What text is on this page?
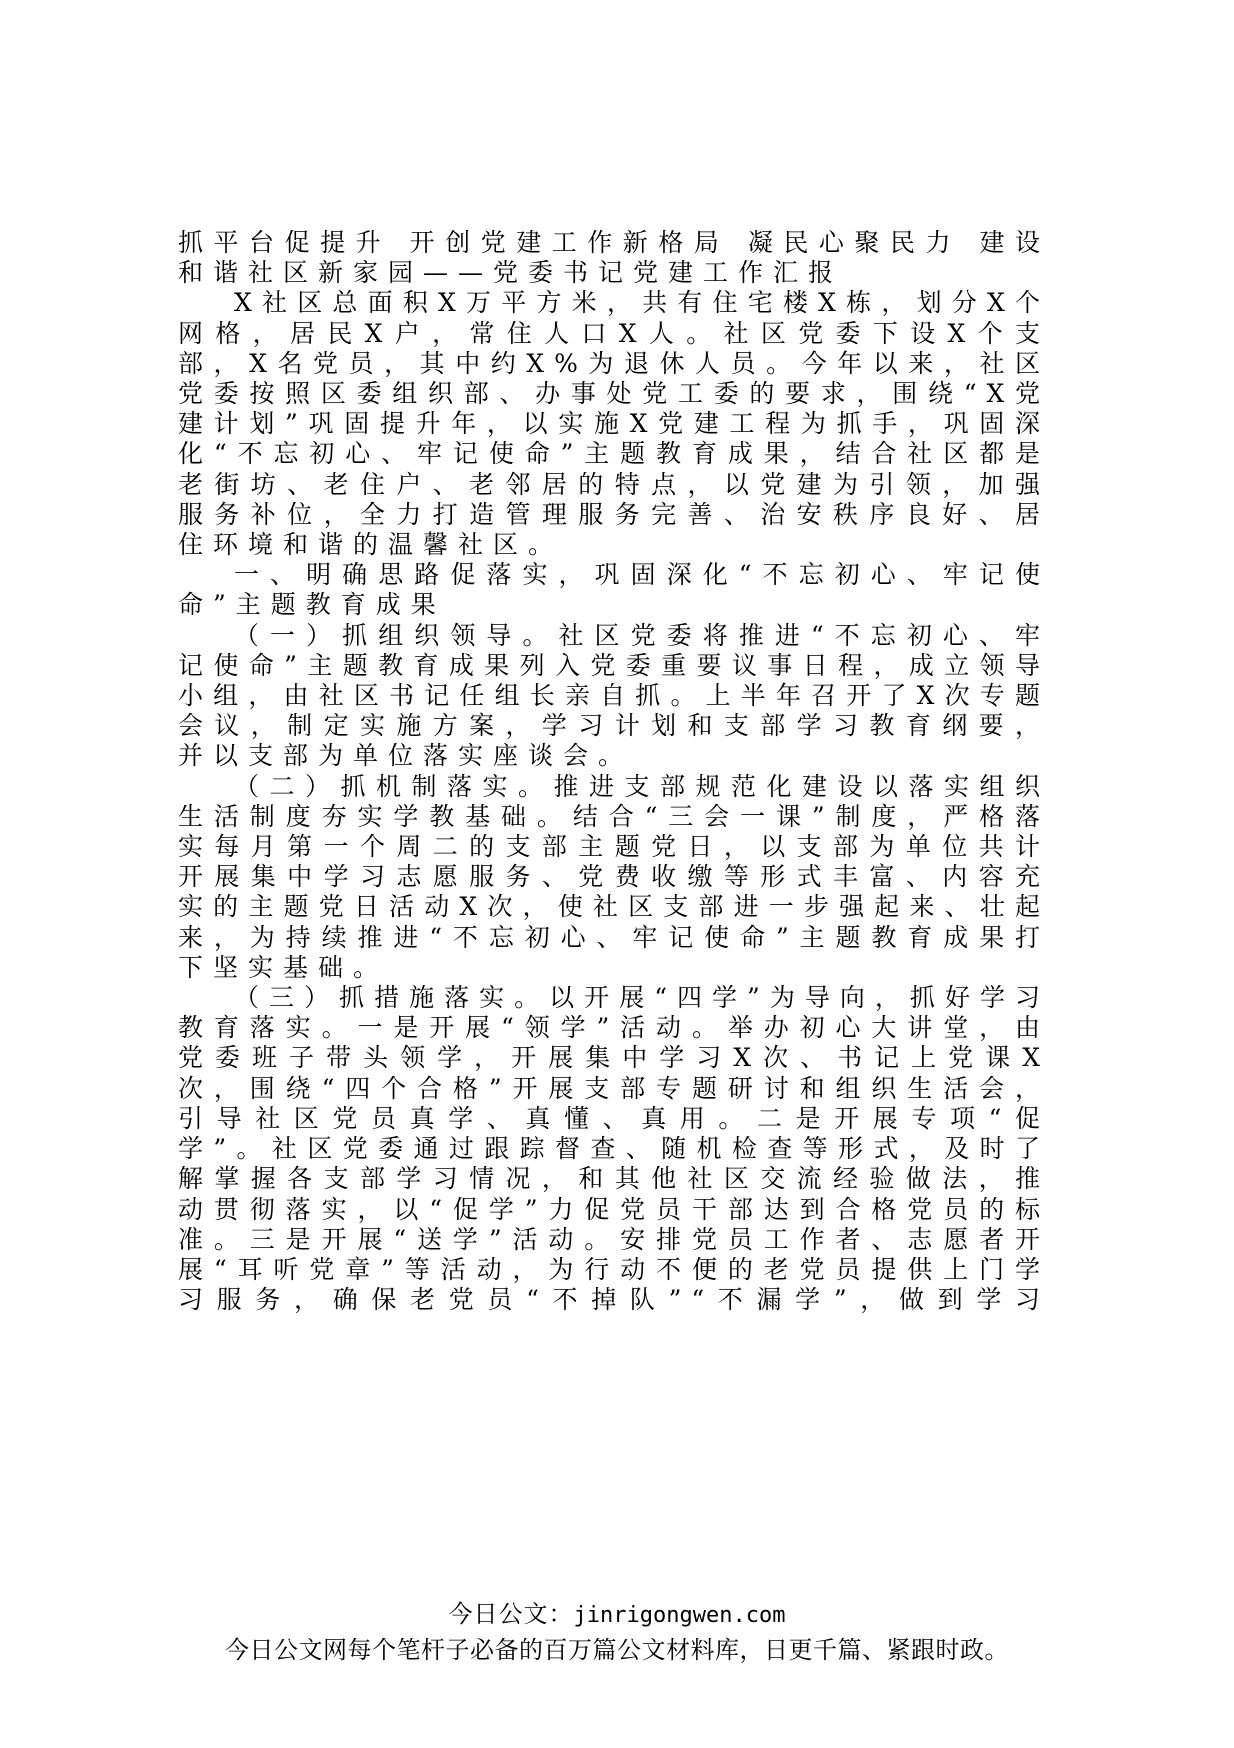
抓平台促提升 开创党建工作新格局 凝民心聚民力 建设和谐社区新家园——党委书记党建工作汇报

X社区总面积X万平方米，共有住宅楼X栋，划分X个网格，居民X户，常住人口X人。社区党委下设X个支部，X名党员，其中约X%为退休人员。今年以来，社区党委按照区委组织部、办事处党工委的要求，围绕“X党建计划”巩固提升年，以实施X党建工程为抓手，巩固深化“不忘初心、牢记使命”主题教育成果，结合社区都是老街坊、老住户、老邻居的特点，以党建为引领，加强服务补位，全力打造管理服务完善、治安秩序良好、居住环境和谐的温馨社区。

一、明确思路促落实，巩固深化“不忘初心、牢记使命”主题教育成果

（一）抓组织领导。社区党委将推进“不忘初心、牢记使命”主题教育成果列入党委重要议事日程，成立领导小组，由社区书记任组长亲自抓。上半年召开了X次专题会议，制定实施方案，学习计划和支部学习教育纲要，并以支部为单位落实座谈会。

（二）抓机制落实。推进支部规范化建设以落实组织生活制度夯实学教基础。结合“三会一课”制度，严格落实每月第一个周二的支部主题党日，以支部为单位共计开展集中学习志愿服务、党费收缴等形式丰富、内容充实的主题党日活动X次，使社区支部进一步强起来、壮起来，为持续推进“不忘初心、牢记使命”主题教育成果打下坚实基础。

（三）抓措施落实。以开展“四学”为导向，抓好学习教育落实。一是开展“领学”活动。举办初心大讲堂，由党委班子带头领学，开展集中学习X次、书记上党课X次，围绕“四个合格”开展支部专题研讨和组织生活会，引导社区党员真学、真懂、真用。二是开展专项“促学”。社区党委通过跟踪督查、随机检查等形式，及时了解掌握各支部学习情况，和其他社区交流经验做法，推动贯彻落实，以“促学”力促党员干部达到合格党员的标准。三是开展“送学”活动。安排党员工作者、志愿者开展“耳听党章”等活动，为行动不便的老党员提供上门学习服务，确保老党员“不掉队”“不漏学”，做到学习

今日公文：jinrigongwen.com
今日公文网每个笔杆子必备的百万篇公文材料库，日更千篇、紧跟时政。
